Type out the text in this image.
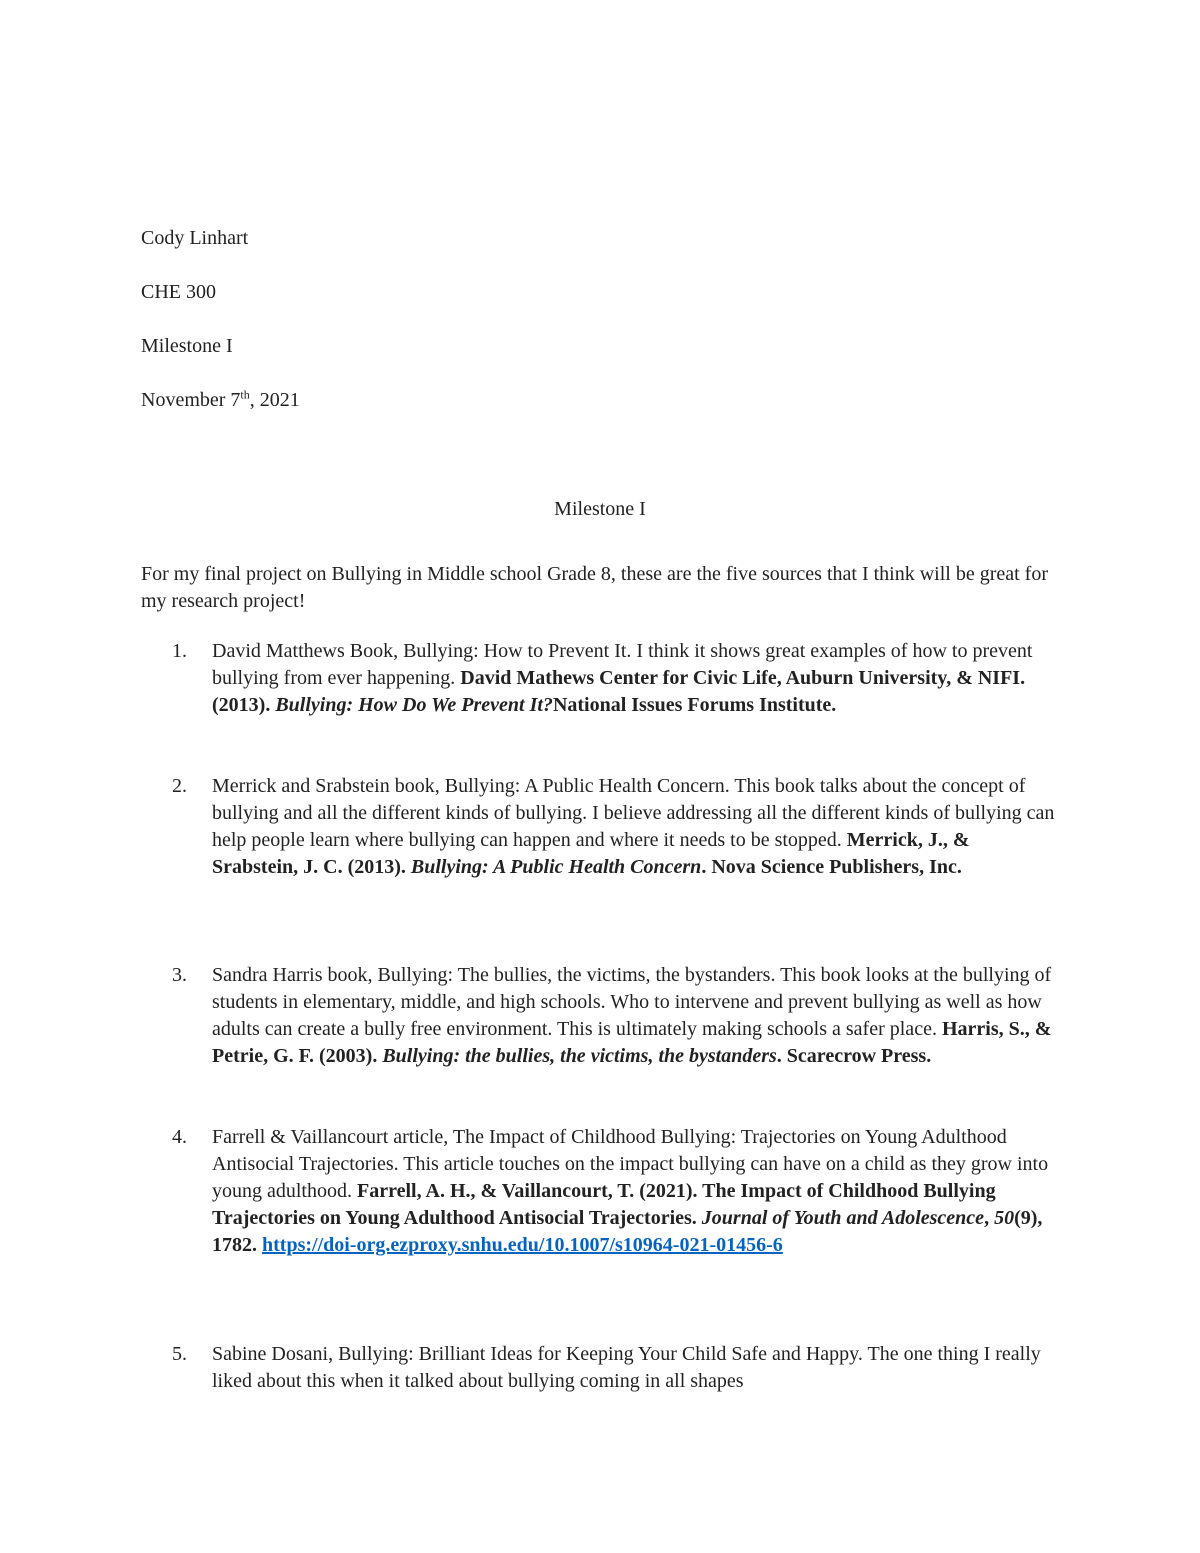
Cody Linhart

CHE 300

Milestone I

November 7th, 2021

Milestone I

For my final project on Bullying in Middle school Grade 8, these are the five sources that I think will be great for my research project!

1.	David Matthews Book, Bullying: How to Prevent It. I think it shows great examples of how to prevent bullying from ever happening. David Mathews Center for Civic Life, Auburn University, & NIFI. (2013). Bullying: How Do We Prevent It?National Issues Forums Institute.

2.	Merrick and Srabstein book, Bullying: A Public Health Concern. This book talks about the concept of bullying and all the different kinds of bullying. I believe addressing all the different kinds of bullying can help people learn where bullying can happen and where it needs to be stopped. Merrick, J., & Srabstein, J. C. (2013). Bullying: A Public Health Concern. Nova Science Publishers, Inc.

3.	Sandra Harris book, Bullying: The bullies, the victims, the bystanders. This book looks at the bullying of students in elementary, middle, and high schools. Who to intervene and prevent bullying as well as how adults can create a bully free environment. This is ultimately making schools a safer place. Harris, S., & Petrie, G. F. (2003). Bullying: the bullies, the victims, the bystanders. Scarecrow Press.

4.	Farrell & Vaillancourt article, The Impact of Childhood Bullying: Trajectories on Young Adulthood Antisocial Trajectories. This article touches on the impact bullying can have on a child as they grow into young adulthood. Farrell, A. H., & Vaillancourt, T. (2021). The Impact of Childhood Bullying Trajectories on Young Adulthood Antisocial Trajectories. Journal of Youth and Adolescence, 50(9), 1782. https://doi-org.ezproxy.snhu.edu/10.1007/s10964-021-01456-6

5.	Sabine Dosani, Bullying: Brilliant Ideas for Keeping Your Child Safe and Happy. The one thing I really liked about this when it talked about bullying coming in all shapes
